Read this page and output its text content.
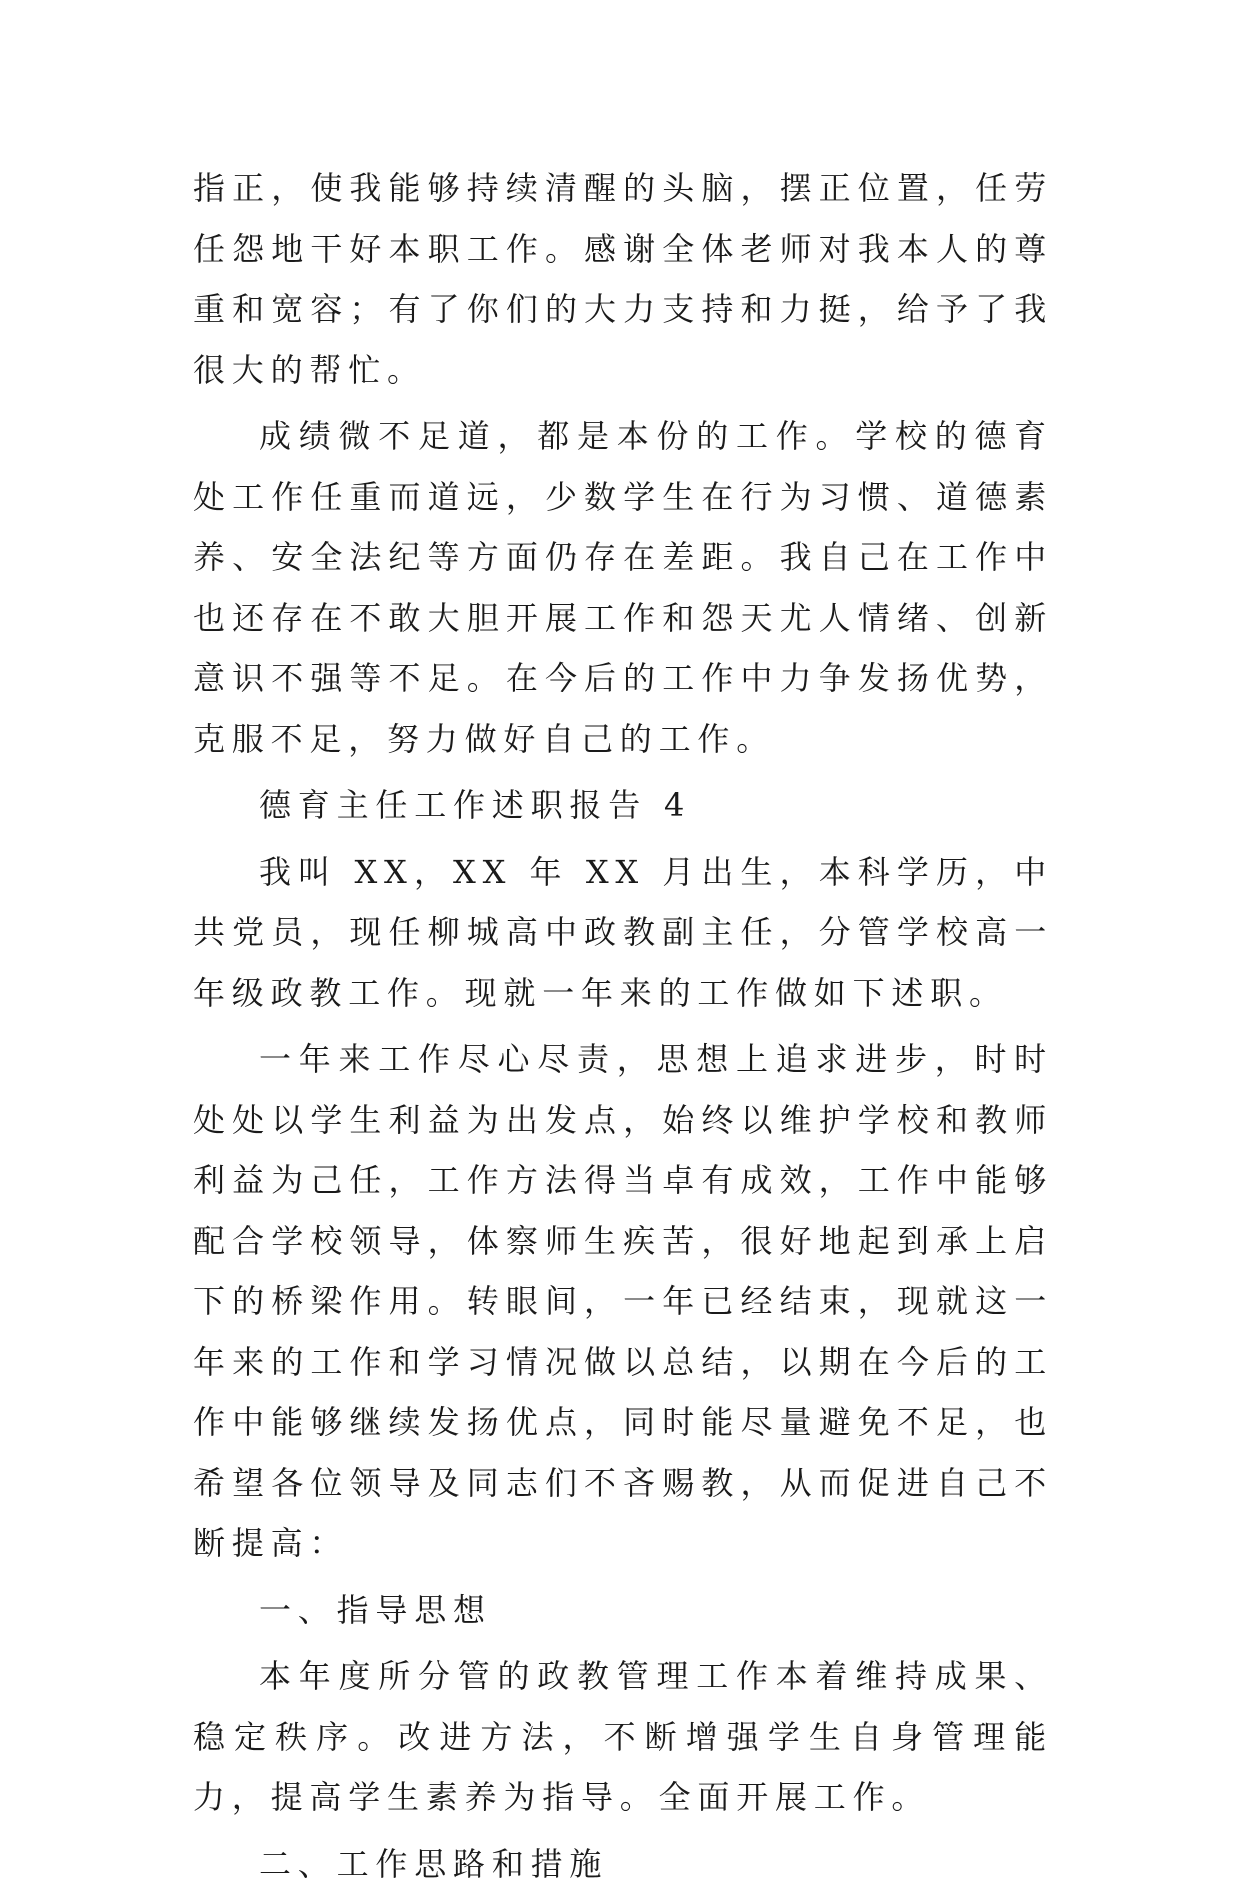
指正，使我能够持续清醒的头脑，摆正位置，任劳任怨地干好本职工作。感谢全体老师对我本人的尊重和宽容；有了你们的大力支持和力挺，给予了我很大的帮忙。

成绩微不足道，都是本份的工作。学校的德育处工作任重而道远，少数学生在行为习惯、道德素养、安全法纪等方面仍存在差距。我自己在工作中也还存在不敢大胆开展工作和怨天尤人情绪、创新意识不强等不足。在今后的工作中力争发扬优势，克服不足，努力做好自己的工作。

德育主任工作述职报告 4

我叫 XX，XX 年 XX 月出生，本科学历，中共党员，现任柳城高中政教副主任，分管学校高一年级政教工作。现就一年来的工作做如下述职。

一年来工作尽心尽责，思想上追求进步，时时处处以学生利益为出发点，始终以维护学校和教师利益为己任，工作方法得当卓有成效，工作中能够配合学校领导，体察师生疾苦，很好地起到承上启下的桥梁作用。转眼间，一年已经结束，现就这一年来的工作和学习情况做以总结，以期在今后的工作中能够继续发扬优点，同时能尽量避免不足，也希望各位领导及同志们不吝赐教，从而促进自己不断提高：

一、指导思想

本年度所分管的政教管理工作本着维持成果、稳定秩序。改进方法，不断增强学生自身管理能力，提高学生素养为指导。全面开展工作。

二、工作思路和措施
